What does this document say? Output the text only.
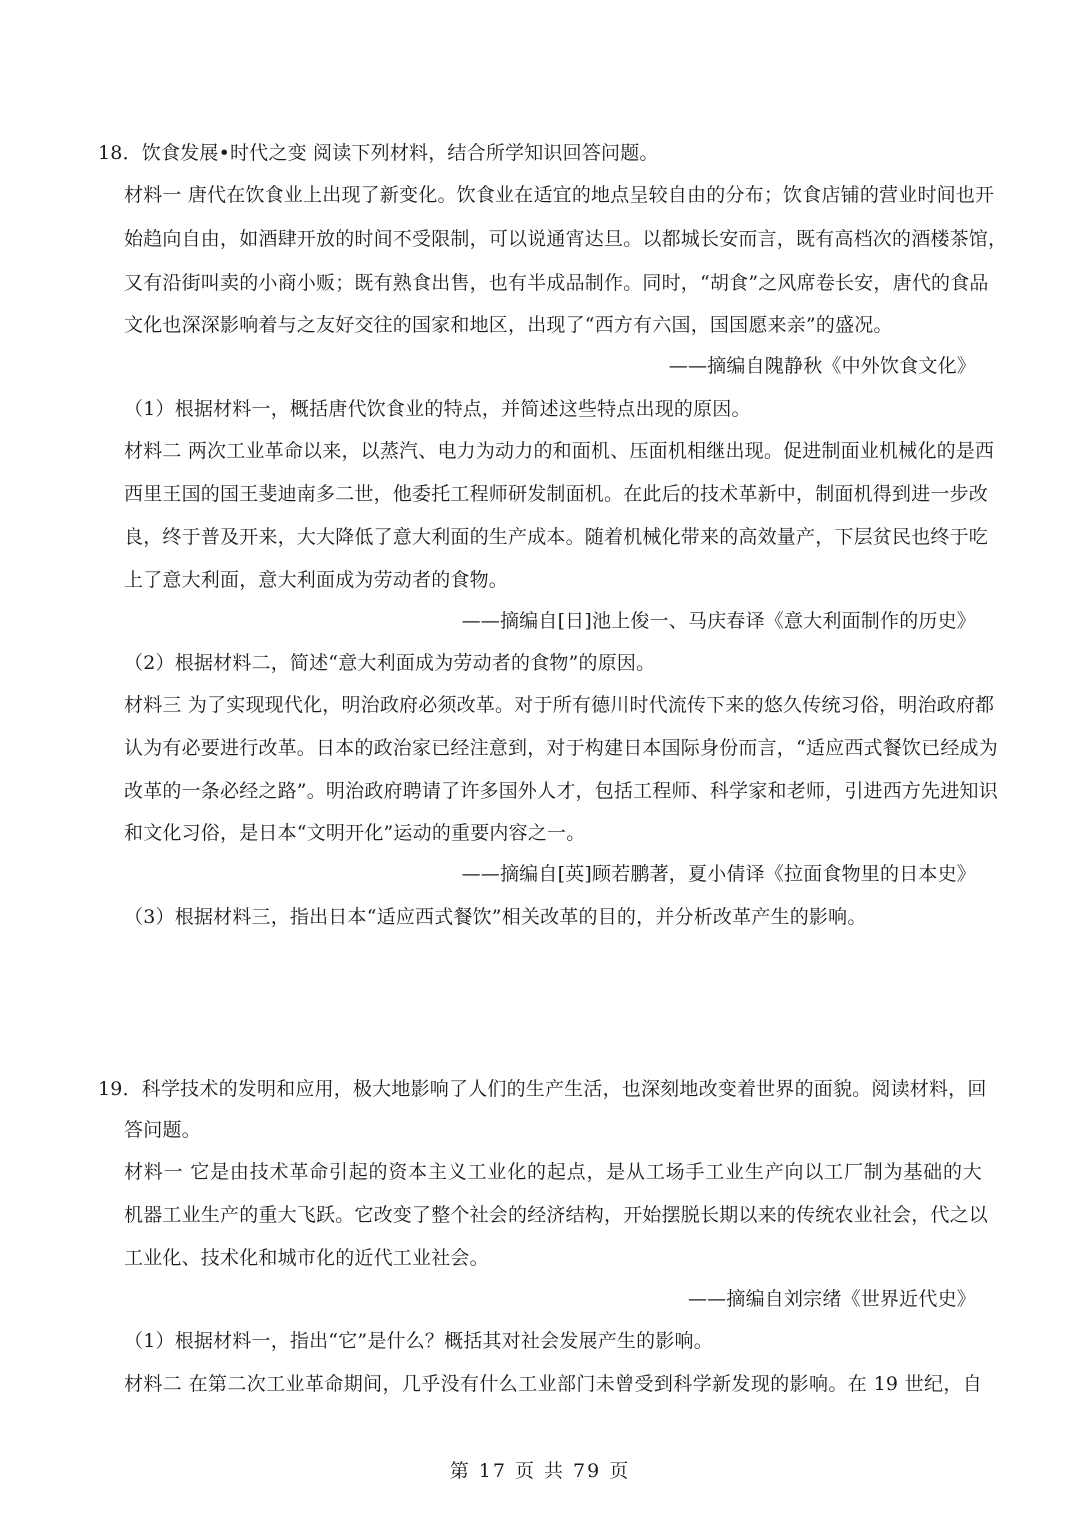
18．饮食发展•时代之变 阅读下列材料，结合所学知识回答问题。
材料一 唐代在饮食业上出现了新变化。饮食业在适宜的地点呈较自由的分布；饮食店铺的营业时间也开
始趋向自由，如酒肆开放的时间不受限制，可以说通宵达旦。以都城长安而言，既有高档次的酒楼茶馆，
又有沿街叫卖的小商小贩；既有熟食出售，也有半成品制作。同时，“胡食”之风席卷长安，唐代的食品
文化也深深影响着与之友好交往的国家和地区，出现了“西方有六国，国国愿来亲”的盛况。
——摘编自隗静秋《中外饮食文化》
（1）根据材料一，概括唐代饮食业的特点，并简述这些特点出现的原因。
材料二 两次工业革命以来，以蒸汽、电力为动力的和面机、压面机相继出现。促进制面业机械化的是西
西里王国的国王斐迪南多二世，他委托工程师研发制面机。在此后的技术革新中，制面机得到进一步改
良，终于普及开来，大大降低了意大利面的生产成本。随着机械化带来的高效量产，下层贫民也终于吃
上了意大利面，意大利面成为劳动者的食物。
——摘编自[日]池上俊一、马庆春译《意大利面制作的历史》
（2）根据材料二，简述“意大利面成为劳动者的食物”的原因。
材料三 为了实现现代化，明治政府必须改革。对于所有德川时代流传下来的悠久传统习俗，明治政府都
认为有必要进行改革。日本的政治家已经注意到，对于构建日本国际身份而言，“适应西式餐饮已经成为
改革的一条必经之路”。明治政府聘请了许多国外人才，包括工程师、科学家和老师，引进西方先进知识
和文化习俗，是日本“文明开化”运动的重要内容之一。
——摘编自[英]顾若鹏著，夏小倩译《拉面食物里的日本史》
（3）根据材料三，指出日本“适应西式餐饮”相关改革的目的，并分析改革产生的影响。
19．科学技术的发明和应用，极大地影响了人们的生产生活，也深刻地改变着世界的面貌。阅读材料，回
答问题。
材料一 它是由技术革命引起的资本主义工业化的起点，是从工场手工业生产向以工厂制为基础的大
机器工业生产的重大飞跃。它改变了整个社会的经济结构，开始摆脱长期以来的传统农业社会，代之以
工业化、技术化和城市化的近代工业社会。
——摘编自刘宗绪《世界近代史》
（1）根据材料一，指出“它”是什么？概括其对社会发展产生的影响。
材料二 在第二次工业革命期间，几乎没有什么工业部门未曾受到科学新发现的影响。在 19 世纪，自
第 17 页 共 79 页
